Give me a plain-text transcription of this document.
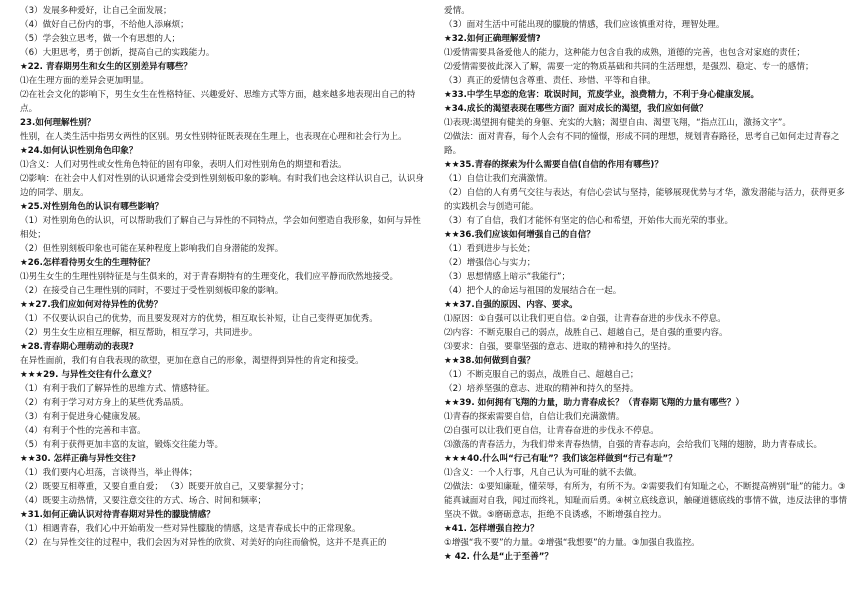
（3）发展多种爱好，让自己全面发展；

（4）做好自己份内的事，不给他人添麻烦；

（5）学会独立思考，做一个有思想的人；

（6）大胆思考，勇于创新，提高自己的实践能力。

★22. 青春期男生和女生的区别差异有哪些？

⑴在生理方面的差异会更加明显。

⑵在社会文化的影响下，男生女生在性格特征、兴趣爱好、思维方式等方面，越来越多地表现出自己的特点。

23.如何理解性别？

性别，在人类生活中指男女两性的区别。男女性别特征既表现在生理上，也表现在心理和社会行为上。

★24.如何认识性别角色印象？

⑴含义：人们对男性或女性角色特征的固有印象，表明人们对性别角色的期望和看法。

⑵影响：在社会中人们对性别的认识通常会受到性别刻板印象的影响。有时我们也会这样认识自己，认识身边的同学、朋友。

★25.对性别角色的认识有哪些影响？

（1）对性别角色的认识，可以帮助我们了解自己与异性的不同特点，学会如何塑造自我形象，如何与异性相处；

（2）但性别刻板印象也可能在某种程度上影响我们自身潜能的发挥。

★26.怎样看待男女生的生理特征？

⑴男生女生的生理性别特征是与生俱来的，对于青春期特有的生理变化，我们应平静而欣然地接受。

（2）在接受自己生理性别的同时，不要过于受性别刻板印象的影响。

★★27.我们应如何对待异性的优势？

（1）不仅要认识自己的优势，而且要发现对方的优势，相互取长补短，让自己变得更加优秀。

（2）男生女生应相互理解，相互帮助，相互学习，共同进步。

★28.青春期心理萌动的表现?

在异性面前，我们有自我表现的欲望，更加在意自己的形象，渴望得到异性的肯定和接受。

★★★29. 与异性交往有什么意义？

（1）有利于我们了解异性的思维方式、情感特征。

（2）有利于学习对方身上的某些优秀品质。

（3）有利于促进身心健康发展。

（4）有利于个性的完善和丰富。

（5）有利于获得更加丰富的友谊，锻炼交往能力等。

★★30. 怎样正确与异性交往?

（1）我们要内心坦荡，言谈得当，举止得体；

（2）既要互相尊重，又要自重自爱； （3）既要开放自己，又要掌握分寸；

（4）既要主动热情，又要注意交往的方式、场合、时间和频率；

★31.如何正确认识对待青春期对异性的朦胧情感？

（1）相遇青春，我们心中开始萌发一些对异性朦胧的情感，这是青春成长中的正常现象。

（2）在与异性交往的过程中，我们会因为对异性的欣赏、对美好的向往而偷悦，这并不是真正的

爱情。

（3）面对生活中可能出现的朦胧的情感，我们应该慎重对待，理智处理。

★32.如何正确理解爱情?

⑴爱情需要具备爱他人的能力，这种能力包含自我的成熟，道德的完善，也包含对家庭的责任；

⑵爱情需要彼此深入了解，需要一定的物质基础和共同的生活理想，是强烈、稳定、专一的感情；

（3）真正的爱情包含尊重、责任、珍惜、平等和自律。

★33.中学生早恋的危害：耽误时间，荒废学业，浪费精力，不利于身心健康发展。

★34.成长的渴望表现在哪些方面？面对成长的渴望，我们应如何做？

⑴表现:渴望拥有健美的身躯、充实的大脑；渴望自由、渴望飞翔，“指点江山，激扬文字”。

⑵做法：面对青春，每个人会有不同的憧憬，形成不同的理想，规划青春路径，思考自己如何走过青春之路。

★★35.青春的探索为什么需要自信(自信的作用有哪些)？

（1）自信让我们充满激情。

（2）自信的人有勇气交往与表达，有信心尝试与坚持，能够展现优势与才华，激发潜能与活力，获得更多的实践机会与创造可能。

（3）有了自信，我们才能怀有坚定的信心和希望，开始伟大而光荣的事业。

★★36.我们应该如何增强自己的自信？

（1）看到进步与长处；

（2）增强信心与实力；

（3）思想情感上暗示“我能行”；

（4）把个人的命运与祖国的发展结合在一起。

★★37.自强的原因、内容、要求。

⑴原因：①自强可以让我们更自信。②自强，让青春奋进的步伐永不停息。

⑵内容：不断克服自己的弱点，战胜自己、超越自己，是自强的重要内容。

⑶要求：自强，要靠坚强的意志、进取的精神和持久的坚持。

★★38.如何做到自强？

（1）不断克服自己的弱点，战胜自己、超越自己；

（2）培养坚强的意志、进取的精神和持久的坚持。

★★39. 如何拥有飞翔的力量，助力青春成长？（青春期飞翔的力量有哪些？）

⑴青春的探索需要自信，自信让我们充满激情。

⑵自强可以让我们更自信，让青春奋进的步伐永不停息。

⑶激荡的青春活力，为我们带来青春热情，自强的青春志向，会给我们飞翔的翅膀，助力青春成长。

★★★40.什么叫“行己有耻”？我们该怎样做到“行己有耻”？

⑴含义：一个人行事，凡自己认为可耻的就不去做。

⑵做法：①要知廉耻，懂荣辱，有所为，有所不为。②需要我们有知耻之心，不断提高辨别“耻”的能力。③能真诚面对自我，闻过而终礼，知耻而后勇。④树立底线意识，触碰道德底线的事情不做，违反法律的事情坚决不做。⑤磨砺意志，拒绝不良诱惑，不断增强自控力。

★41. 怎样增强自控力？

①增强“我不要”的力量。②增强“我想要”的力量。③加强自我监控。

★ 42. 什么是“止于至善”？
